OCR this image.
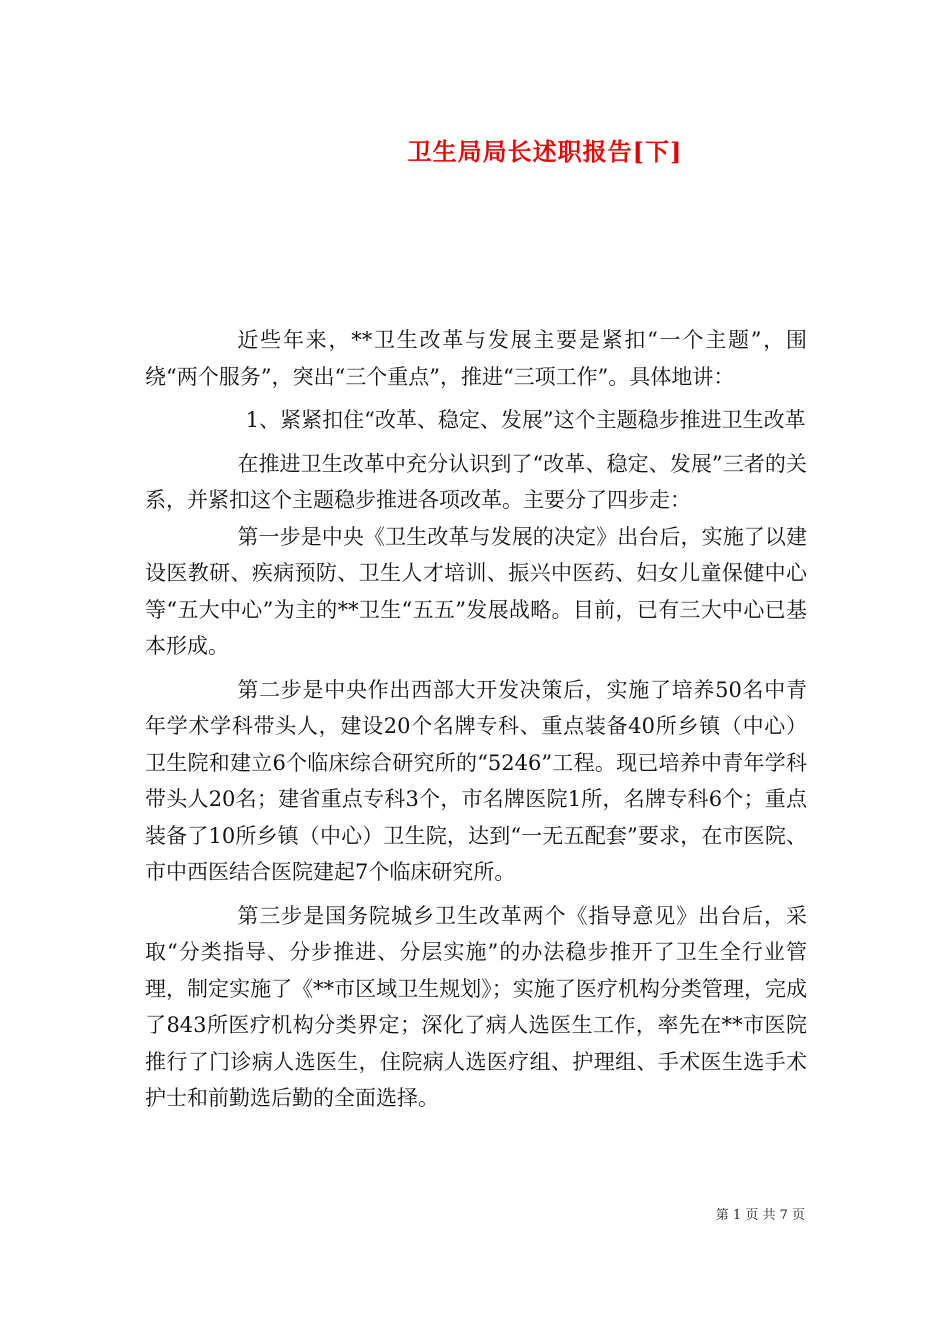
卫生局局长述职报告[下]

近些年来，**卫生改革与发展主要是紧扣“一个主题”，围绕“两个服务”，突出“三个重点”，推进“三项工作”。具体地讲：

1、紧紧扣住“改革、稳定、发展”这个主题稳步推进卫生改革

在推进卫生改革中充分认识到了“改革、稳定、发展”三者的关系，并紧扣这个主题稳步推进各项改革。主要分了四步走：

第一步是中央《卫生改革与发展的决定》出台后，实施了以建设医教研、疾病预防、卫生人才培训、振兴中医药、妇女儿童保健中心等“五大中心”为主的**卫生“五五”发展战略。目前，已有三大中心已基本形成。

第二步是中央作出西部大开发决策后，实施了培养50名中青年学术学科带头人，建设20个名牌专科、重点装备40所乡镇（中心）卫生院和建立6个临床综合研究所的“5246”工程。现已培养中青年学科带头人20名；建省重点专科3个，市名牌医院1所，名牌专科6个；重点装备了10所乡镇（中心）卫生院，达到“一无五配套”要求，在市医院、市中西医结合医院建起7个临床研究所。

第三步是国务院城乡卫生改革两个《指导意见》出台后，采取“分类指导、分步推进、分层实施”的办法稳步推开了卫生全行业管理，制定实施了《**市区域卫生规划》；实施了医疗机构分类管理，完成了843所医疗机构分类界定；深化了病人选医生工作，率先在**市医院推行了门诊病人选医生，住院病人选医疗组、护理组、手术医生选手术护士和前勤选后勤的全面选择。

第 1 页 共 7 页
